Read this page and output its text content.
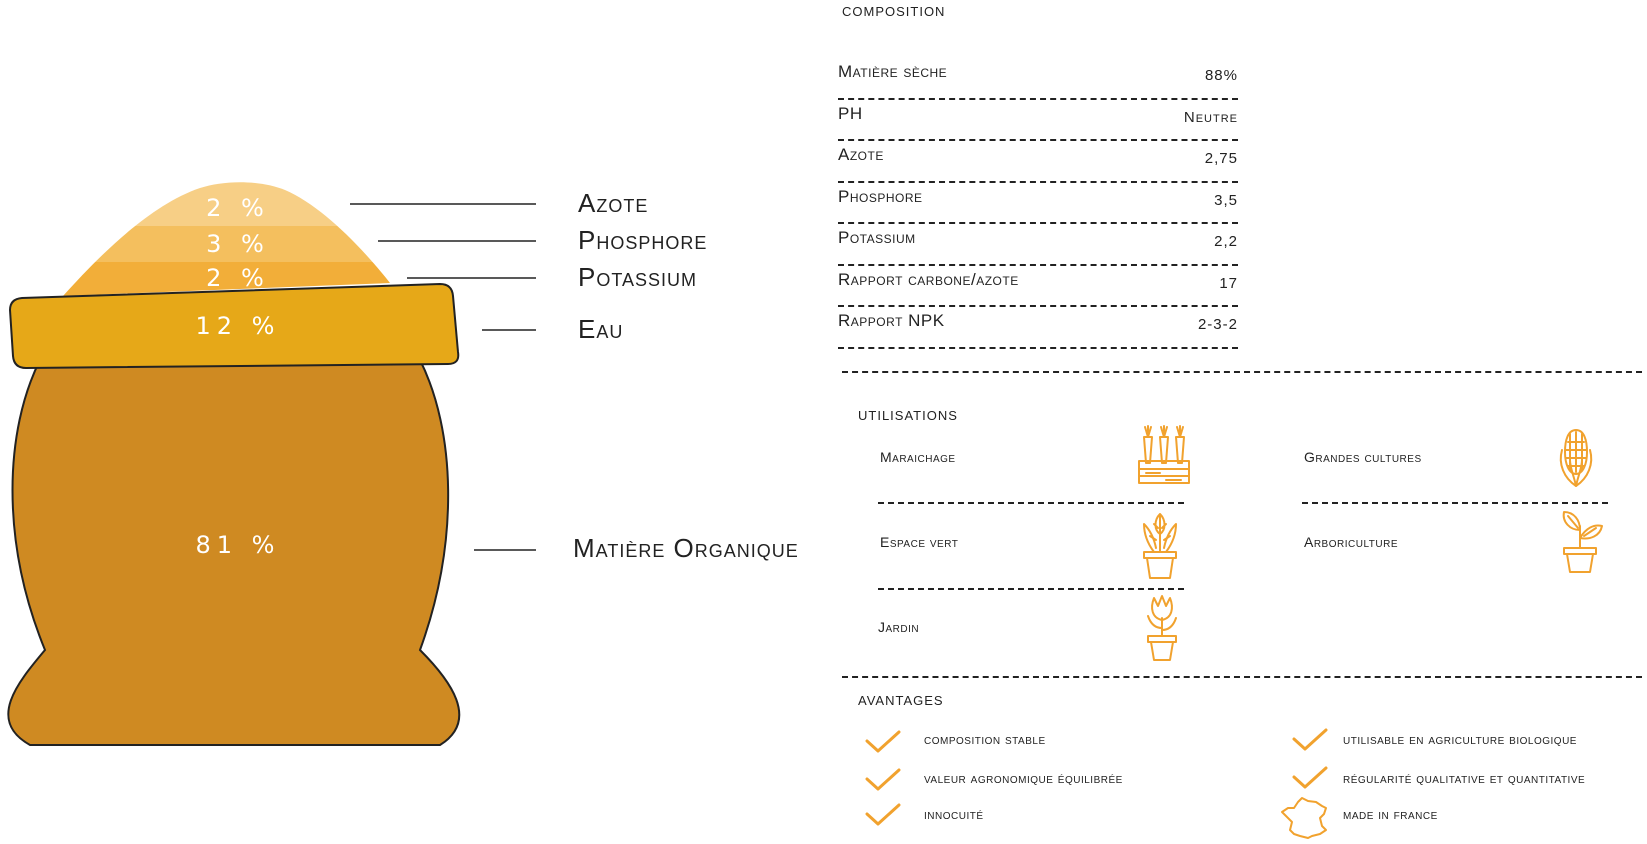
2 %
3 %
2 %
12 %
81 %
Azote
Phosphore
Potassium
Eau
Matière Organique
composition
Matière sèche	88%
PH	Neutre
Azote	2,75
Phosphore	3,5
Potassium	2,2
Rapport carbone/azote	17
Rapport NPK	2-3-2
utilisations
Maraichage	Grandes cultures
Espace vert	Arboriculture
Jardin
avantages
composition stable
valeur agronomique équilibrée
innocuité
utilisable en agriculture biologique
régularité qualitative et quantitative
made in france
